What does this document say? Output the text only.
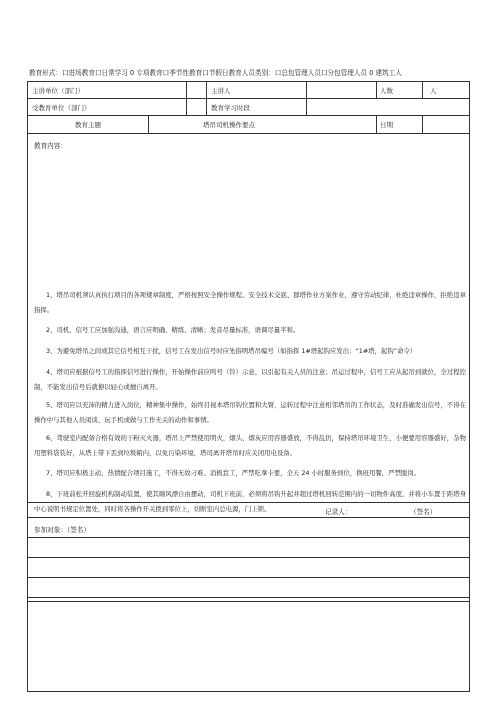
教育形式：口进场教育口日常学习 0 专项教育口季节性教育口节假日教育人员类别：口总包管理人员口分包管理人员 0 建筑工人
主讲单位（部门）	主讲人	人数	人
受教育单位（部门）	教育学习时段
教育主题	塔吊司机操作要点	日期
教育内容：
1、塔吊司机须认真执行项目的各项规章制度，严格按照安全操作规程、安全技术交底、群塔作业方案作业，遵守劳动纪律，杜绝违章操作，拒绝违章指挥。
2、司机、信号工应加强沟通，语言应明确、精练、清晰；发音尽量标准，语调尽量平和。
3、为避免塔吊之间或其它信号相互干扰，信号工在发出信号时应先指明塔吊编号（如指挥 1#塔起钩应发出：“1#塔，起钩”命令）
4、塔司应根据信号工的指挥信号进行操作，开始操作前应鸣号（铃）示意，以引起有关人员的注意；吊运过程中，信号工应从起吊到就位，全过程控制，不能发出信号后就撩以轻心或擅自离开。
5、塔司应以充沛的精力进入岗位，精神集中操作，始终目视本塔吊钩位置和大臂，运转过程中注意相邻塔吊的工作状态，及时准确发出信号，不得在操作中与其他人员闲谈、玩手机或做与工作无关的动作和事情。
6、驾驶室内配备合格有效的干粉灭火器，塔吊上严禁使用明火，烟头、烟灰应用容器盛放，不得乱扔，保持塔吊环境卫生，小便要用容器盛好，杂物用塑料袋装好，从塔上带下丢到垃圾箱内，以免污染环境，塔司离开塔吊时应关闭用电设备。
7、塔司应积极主动，热情配合项目施工，不得无故刁难、消极怠工，严禁吃拿卡要，全天 24 小时服务到位，换班用餐，严禁脱岗。
8、下班前松开回旋机构制动装置，使其顺风漂自由摆动，司机下班前，必须将吊钩升起并超过塔机回转范围内的一切物件高度，并将小车置于距塔身中心说明书规定位置处，同时将各操作开关拨到零位上，切断室内总电源，门上锁。	记录人：	（签名）
参加对象：（签名）
